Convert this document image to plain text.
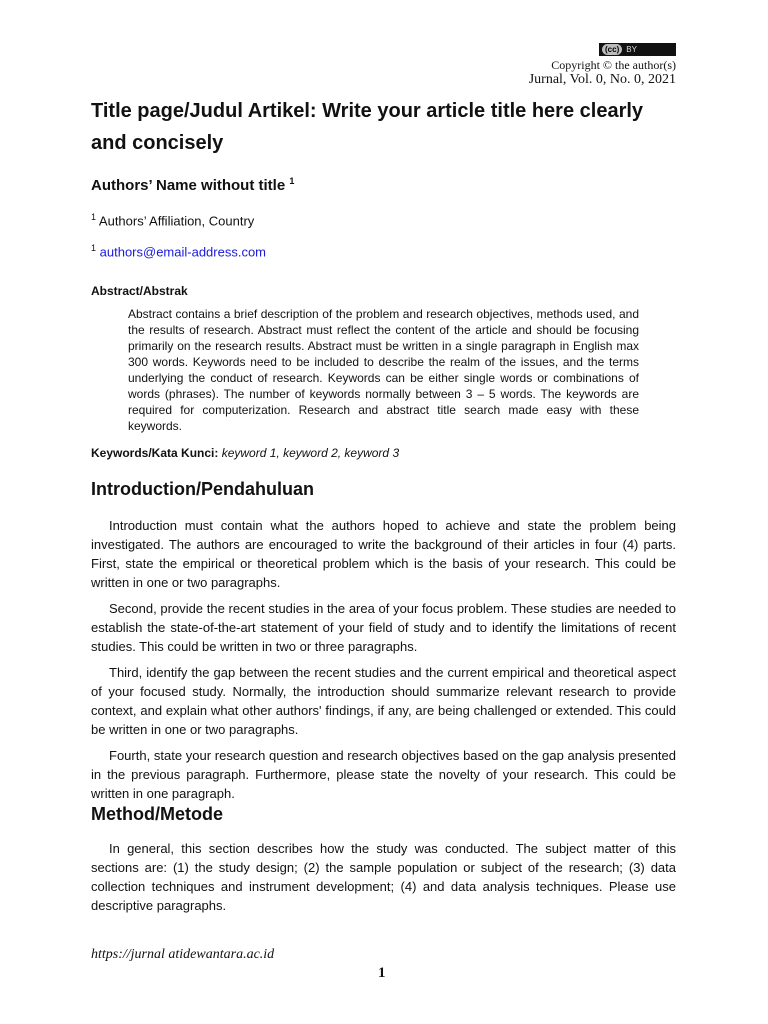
(cc) BY
Copyright © the author(s)
Jurnal, Vol. 0, No. 0, 2021
Title page/Judul Artikel: Write your article title here clearly and concisely
Authors’ Name without title $^1$
$^1$ Authors’ Affiliation, Country
$^1$ authors@email-address.com
Abstract/Abstrak

Abstract contains a brief description of the problem and research objectives, methods used, and the results of research. Abstract must reflect the content of the article and should be focusing primarily on the research results. Abstract must be written in a single paragraph in English max 300 words. Keywords need to be included to describe the realm of the issues, and the terms underlying the conduct of research. Keywords can be either single words or combinations of words (phrases). The number of keywords normally between 3 – 5 words. The keywords are required for computerization. Research and abstract title search made easy with these keywords.

Keywords/Kata Kunci: keyword 1, keyword 2, keyword 3
Introduction/Pendahuluan

Introduction must contain what the authors hoped to achieve and state the problem being investigated. The authors are encouraged to write the background of their articles in four (4) parts. First, state the empirical or theoretical problem which is the basis of your research. This could be written in one or two paragraphs.

Second, provide the recent studies in the area of your focus problem. These studies are needed to establish the state-of-the-art statement of your field of study and to identify the limitations of recent studies. This could be written in two or three paragraphs.

Third, identify the gap between the recent studies and the current empirical and theoretical aspect of your focused study. Normally, the introduction should summarize relevant research to provide context, and explain what other authors' findings, if any, are being challenged or extended. This could be written in one or two paragraphs.

Fourth, state your research question and research objectives based on the gap analysis presented in the previous paragraph. Furthermore, please state the novelty of your research. This could be written in one paragraph.

Method/Metode

In general, this section describes how the study was conducted. The subject matter of this sections are: (1) the study design; (2) the sample population or subject of the research; (3) data collection techniques and instrument development; (4) and data analysis techniques. Please use descriptive paragraphs.

https://jurnal atidewantara.ac.id
1
